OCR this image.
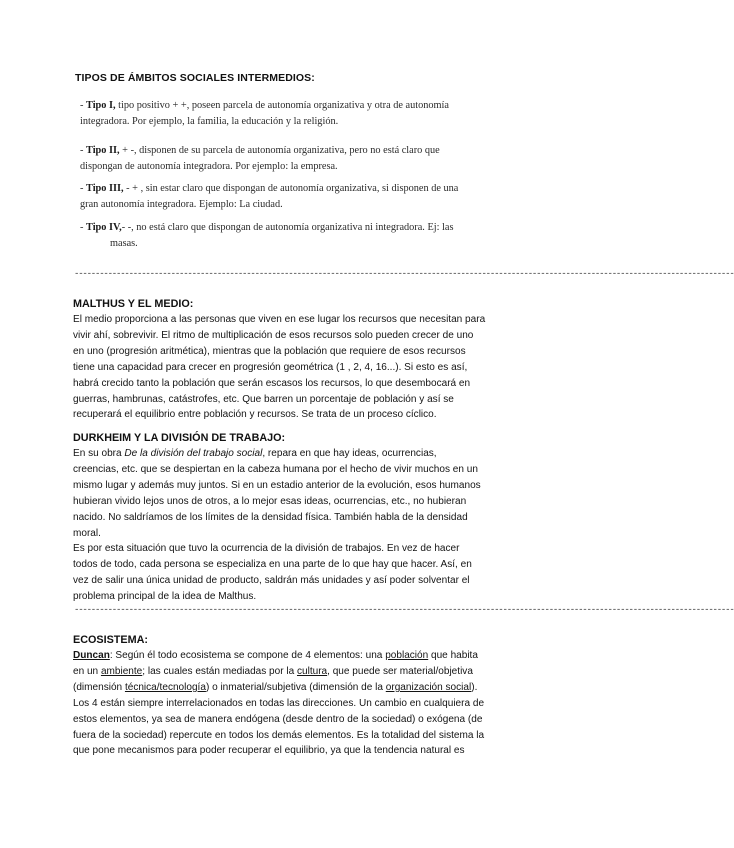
TIPOS DE ÁMBITOS SOCIALES INTERMEDIOS:
- Tipo I, tipo positivo + +, poseen parcela de autonomía organizativa y otra de autonomía
integradora. Por ejemplo, la familia, la educación y la religión.
- Tipo II, + -, disponen de su parcela de autonomía organizativa, pero no está claro que
dispongan de autonomía integradora. Por ejemplo: la empresa.
- Tipo III, - + , sin estar claro que dispongan de autonomía organizativa, si disponen de una
gran autonomía integradora. Ejemplo: La ciudad.
- Tipo IV,- -, no está claro que dispongan de autonomía organizativa ni integradora. Ej: las
masas.
-------------------------------------------------------------------------------------------------------------------------------------------------------------
MALTHUS Y EL MEDIO:
El medio proporciona a las personas que viven en ese lugar los recursos que necesitan para
vivir ahí, sobrevivir. El ritmo de multiplicación de esos recursos solo pueden crecer de uno
en uno (progresión aritmética), mientras que la población que requiere de esos recursos
tiene una capacidad para crecer en progresión geométrica (1 , 2, 4, 16...). Si esto es así,
habrá crecido tanto la población que serán escasos los recursos, lo que desembocará en
guerras, hambrunas, catástrofes, etc. Que barren un porcentaje de población y así se
recuperará el equilibrio entre población y recursos. Se trata de un proceso cíclico.
DURKHEIM Y LA DIVISIÓN DE TRABAJO:
En su obra De la división del trabajo social, repara en que hay ideas, ocurrencias,
creencias, etc. que se despiertan en la cabeza humana por el hecho de vivir muchos en un
mismo lugar y además muy juntos. Si en un estadio anterior de la evolución, esos humanos
hubieran vivido lejos unos de otros, a lo mejor esas ideas, ocurrencias, etc., no hubieran
nacido. No saldríamos de los límites de la densidad física. También habla de la densidad
moral.
Es por esta situación que tuvo la ocurrencia de la división de trabajos. En vez de hacer
todos de todo, cada persona se especializa en una parte de lo que hay que hacer. Así, en
vez de salir una única unidad de producto, saldrán más unidades y así poder solventar el
problema principal de la idea de Malthus.
-------------------------------------------------------------------------------------------------------------------------------------------------------------
ECOSISTEMA:
Duncan: Según él todo ecosistema se compone de 4 elementos: una población que habita
en un ambiente; las cuales están mediadas por la cultura, que puede ser material/objetiva
(dimensión técnica/tecnología) o inmaterial/subjetiva (dimensión de la organización social).
Los 4 están siempre interrelacionados en todas las direcciones. Un cambio en cualquiera de
estos elementos, ya sea de manera endógena (desde dentro de la sociedad) o exógena (de
fuera de la sociedad) repercute en todos los demás elementos. Es la totalidad del sistema la
que pone mecanismos para poder recuperar el equilibrio, ya que la tendencia natural es
